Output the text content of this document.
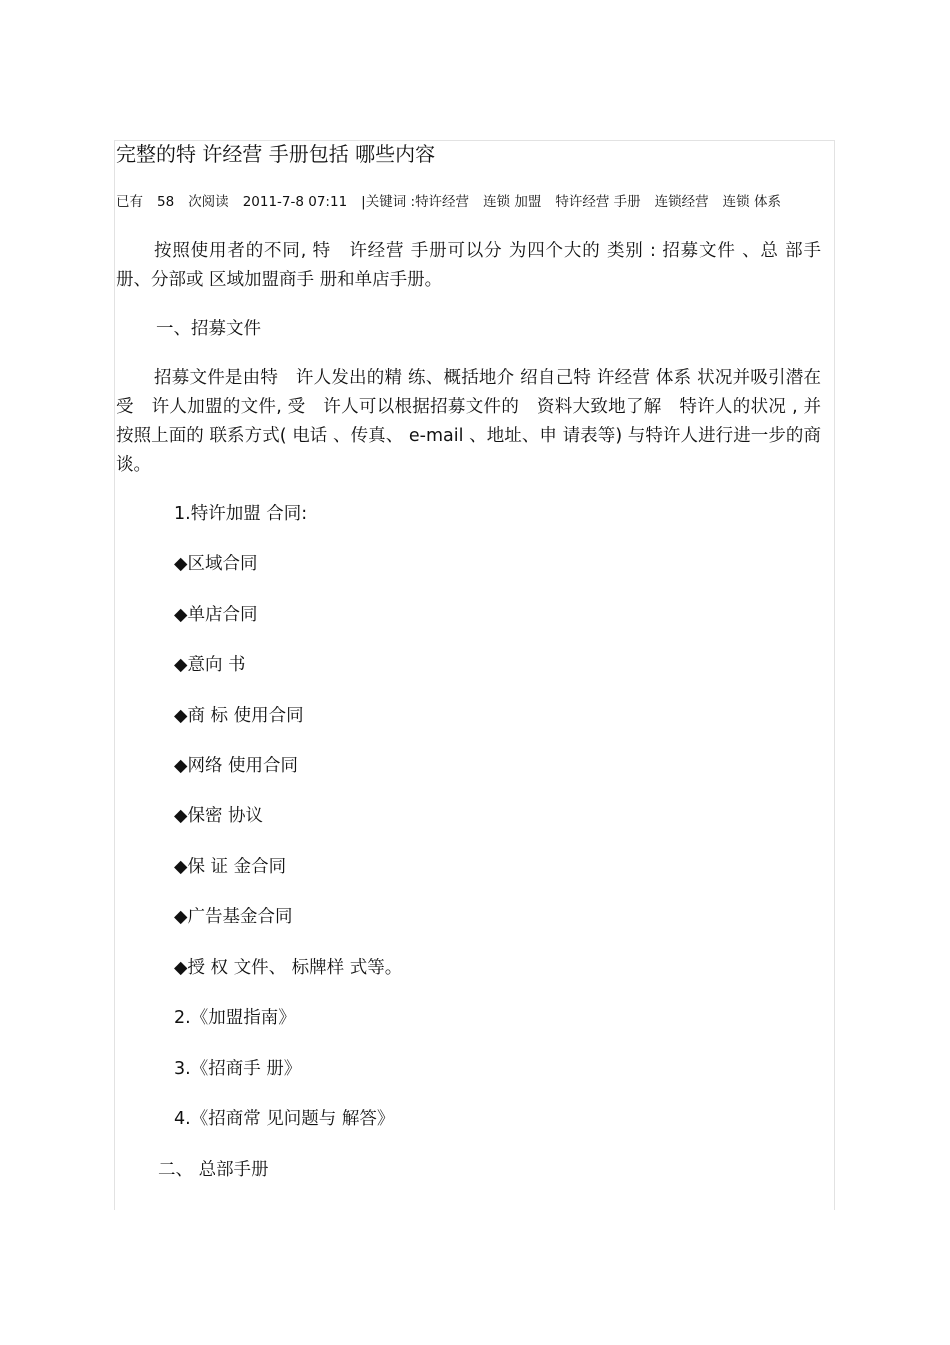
完整的特 许经营 手册包括 哪些内容
已有 58 次阅读 2011-7-8 07:11 |关键词 :特许经营 连锁 加盟 特许经营 手册 连锁经营 连锁 体系
按照使用者的不同, 特　许经营 手册可以分 为四个大的 类别 : 招募文件 、总 部手 册、分部或 区域加盟商手 册和单店手册。
一、招募文件
招募文件是由特　许人发出的精 练、概括地介 绍自己特 许经营 体系 状况并吸引潜在受　许人加盟的文件, 受　许人可以根据招募文件的　资料大致地了解　特许人的状况 , 并按照上面的 联系方式( 电话 、传真、 e-mail 、地址、申 请表等) 与特许人进行进一步的商 谈。
1.特许加盟 合同:
◆区域合同
◆单店合同
◆意向 书
◆商 标 使用合同
◆网络 使用合同
◆保密 协议
◆保 证 金合同
◆广告基金合同
◆授 权 文件、 标牌样 式等。
2.《加盟指南》
3.《招商手 册》
4.《招商常 见问题与 解答》
二、 总部手册
